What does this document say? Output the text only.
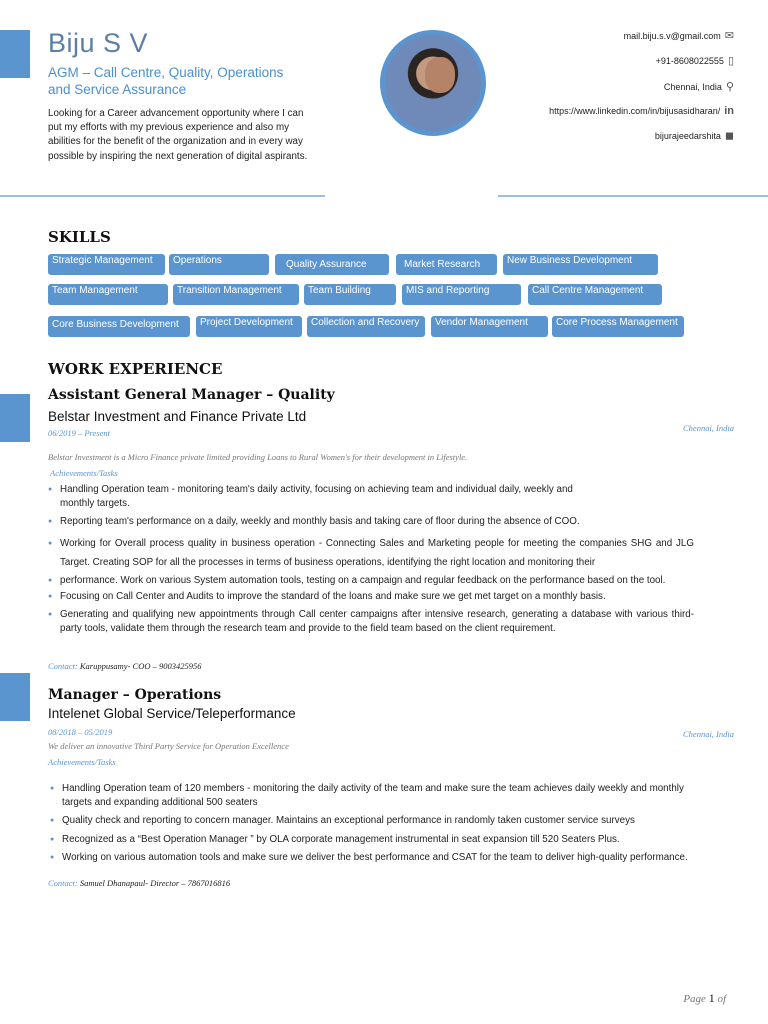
Biju S V
AGM – Call Centre, Quality, Operations
and Service Assurance
Looking for a Career advancement opportunity where I can put my efforts with my previous experience and also my abilities for the benefit of the organization and in every way possible by inspiring the next generation of digital aspirants.
mail.biju.s.v@gmail.com ✉
+91-8608022555 ▯
Chennai, India ⚲
https://www.linkedin.com/in/bijusasidharan/ in
bijurajeedarshita ◼
SKILLS
Strategic Management	Operations	Quality Assurance	Market Research	New Business Development
Team Management	Transition Management	Team Building	MIS and Reporting	Call Centre Management
Core Business Development	Project Development	Collection and Recovery	Vendor Management	Core Process Management
WORK EXPERIENCE
Assistant General Manager – Quality
Belstar Investment and Finance Private Ltd
06/2019 – Present	Chennai, India
Belstar Investment is a Micro Finance private limited providing Loans to Rural Women's for their development in Lifestyle.
Achievements/Tasks
● Handling Operation team - monitoring team's daily activity, focusing on achieving team and individual daily, weekly and monthly targets.
● Reporting team's performance on a daily, weekly and monthly basis and taking care of floor during the absence of COO.
● Working for Overall process quality in business operation - Connecting Sales and Marketing people for meeting the companies SHG and JLG Target. Creating SOP for all the processes in terms of business operations, identifying the right location and monitoring their
● performance. Work on various System automation tools, testing on a campaign and regular feedback on the performance based on the tool.
● Focusing on Call Center and Audits to improve the standard of the loans and make sure we get met target on a monthly basis.
● Generating and qualifying new appointments through Call center campaigns after intensive research, generating a database with various third- party tools, validate them through the research team and provide to the field team based on the client requirement.
Contact: Karuppusamy- COO – 9003425956
Manager – Operations
Intelenet Global Service/Teleperformance
08/2018 – 05/2019	Chennai, India
We deliver an innovative Third Party Service for Operation Excellence
Achievements/Tasks
● Handling Operation team of 120 members - monitoring the daily activity of the team and make sure the team achieves daily weekly and monthly targets and expanding additional 500 seaters
● Quality check and reporting to concern manager. Maintains an exceptional performance in randomly taken customer service surveys
● Recognized as a “Best Operation Manager ” by OLA corporate management instrumental in seat expansion till 520 Seaters Plus.
● Working on various automation tools and make sure we deliver the best performance and CSAT for the team to deliver high-quality performance.
Contact: Samuel Dhanapaul- Director – 7867016816
Page 1 of
